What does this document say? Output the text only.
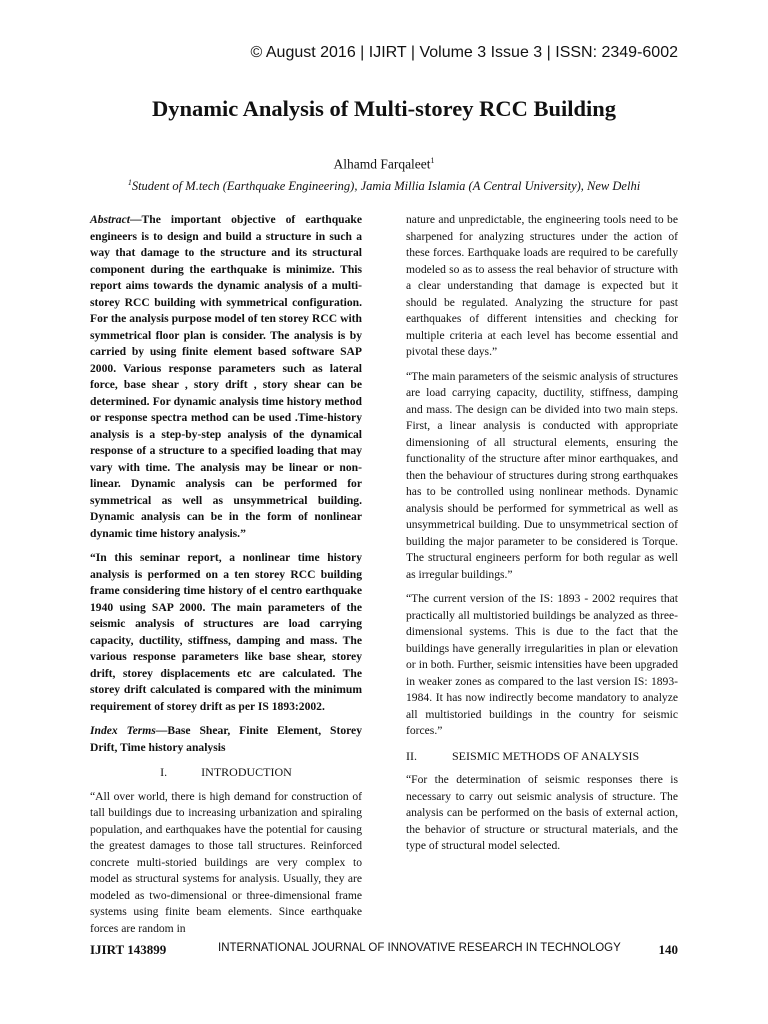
© August 2016 | IJIRT | Volume 3 Issue 3 | ISSN: 2349-6002
Dynamic Analysis of Multi-storey RCC Building
Alhamd Farqaleet$^1$
$^1$Student of M.tech (Earthquake Engineering), Jamia Millia Islamia (A Central University), New Delhi

Abstract—The important objective of earthquake engineers is to design and build a structure in such a way that damage to the structure and its structural component during the earthquake is minimize. This report aims towards the dynamic analysis of a multi-storey RCC building with symmetrical configuration. For the analysis purpose model of ten storey RCC with symmetrical floor plan is consider. The analysis is by carried by using finite element based software SAP 2000. Various response parameters such as lateral force, base shear , story drift , story shear can be determined. For dynamic analysis time history method or response spectra method can be used .Time-history analysis is a step-by-step analysis of the dynamical response of a structure to a specified loading that may vary with time. The analysis may be linear or non-linear. Dynamic analysis can be performed for symmetrical as well as unsymmetrical building. Dynamic analysis can be in the form of nonlinear dynamic time history analysis.”

“In this seminar report, a nonlinear time history analysis is performed on a ten storey RCC building frame considering time history of el centro earthquake 1940 using SAP 2000. The main parameters of the seismic analysis of structures are load carrying capacity, ductility, stiffness, damping and mass. The various response parameters like base shear, storey drift, storey displacements etc are calculated. The storey drift calculated is compared with the minimum requirement of storey drift as per IS 1893:2002.

Index Terms—Base Shear, Finite Element, Storey Drift, Time history analysis

I.	INTRODUCTION

“All over world, there is high demand for construction of tall buildings due to increasing urbanization and spiraling population, and earthquakes have the potential for causing the greatest damages to those tall structures. Reinforced concrete multi-storied buildings are very complex to model as structural systems for analysis. Usually, they are modeled as two-dimensional or three-dimensional frame systems using finite beam elements. Since earthquake forces are random in

nature and unpredictable, the engineering tools need to be sharpened for analyzing structures under the action of these forces. Earthquake loads are required to be carefully modeled so as to assess the real behavior of structure with a clear understanding that damage is expected but it should be regulated. Analyzing the structure for past earthquakes of different intensities and checking for multiple criteria at each level has become essential and pivotal these days.”

“The main parameters of the seismic analysis of structures are load carrying capacity, ductility, stiffness, damping and mass. The design can be divided into two main steps. First, a linear analysis is conducted with appropriate dimensioning of all structural elements, ensuring the functionality of the structure after minor earthquakes, and then the behaviour of structures during strong earthquakes has to be controlled using nonlinear methods. Dynamic analysis should be performed for symmetrical as well as unsymmetrical building. Due to unsymmetrical section of building the major parameter to be considered is Torque. The structural engineers perform for both regular as well as irregular buildings.”

“The current version of the IS: 1893 - 2002 requires that practically all multistoried buildings be analyzed as three-dimensional systems. This is due to the fact that the buildings have generally irregularities in plan or elevation or in both. Further, seismic intensities have been upgraded in weaker zones as compared to the last version IS: 1893-1984. It has now indirectly become mandatory to analyze all multistoried buildings in the country for seismic forces.”

II.	SEISMIC METHODS OF ANALYSIS

“For the determination of seismic responses there is necessary to carry out seismic analysis of structure. The analysis can be performed on the basis of external action, the behavior of structure or structural materials, and the type of structural model selected.

IJIRT 143899	INTERNATIONAL JOURNAL OF INNOVATIVE RESEARCH IN TECHNOLOGY	140
